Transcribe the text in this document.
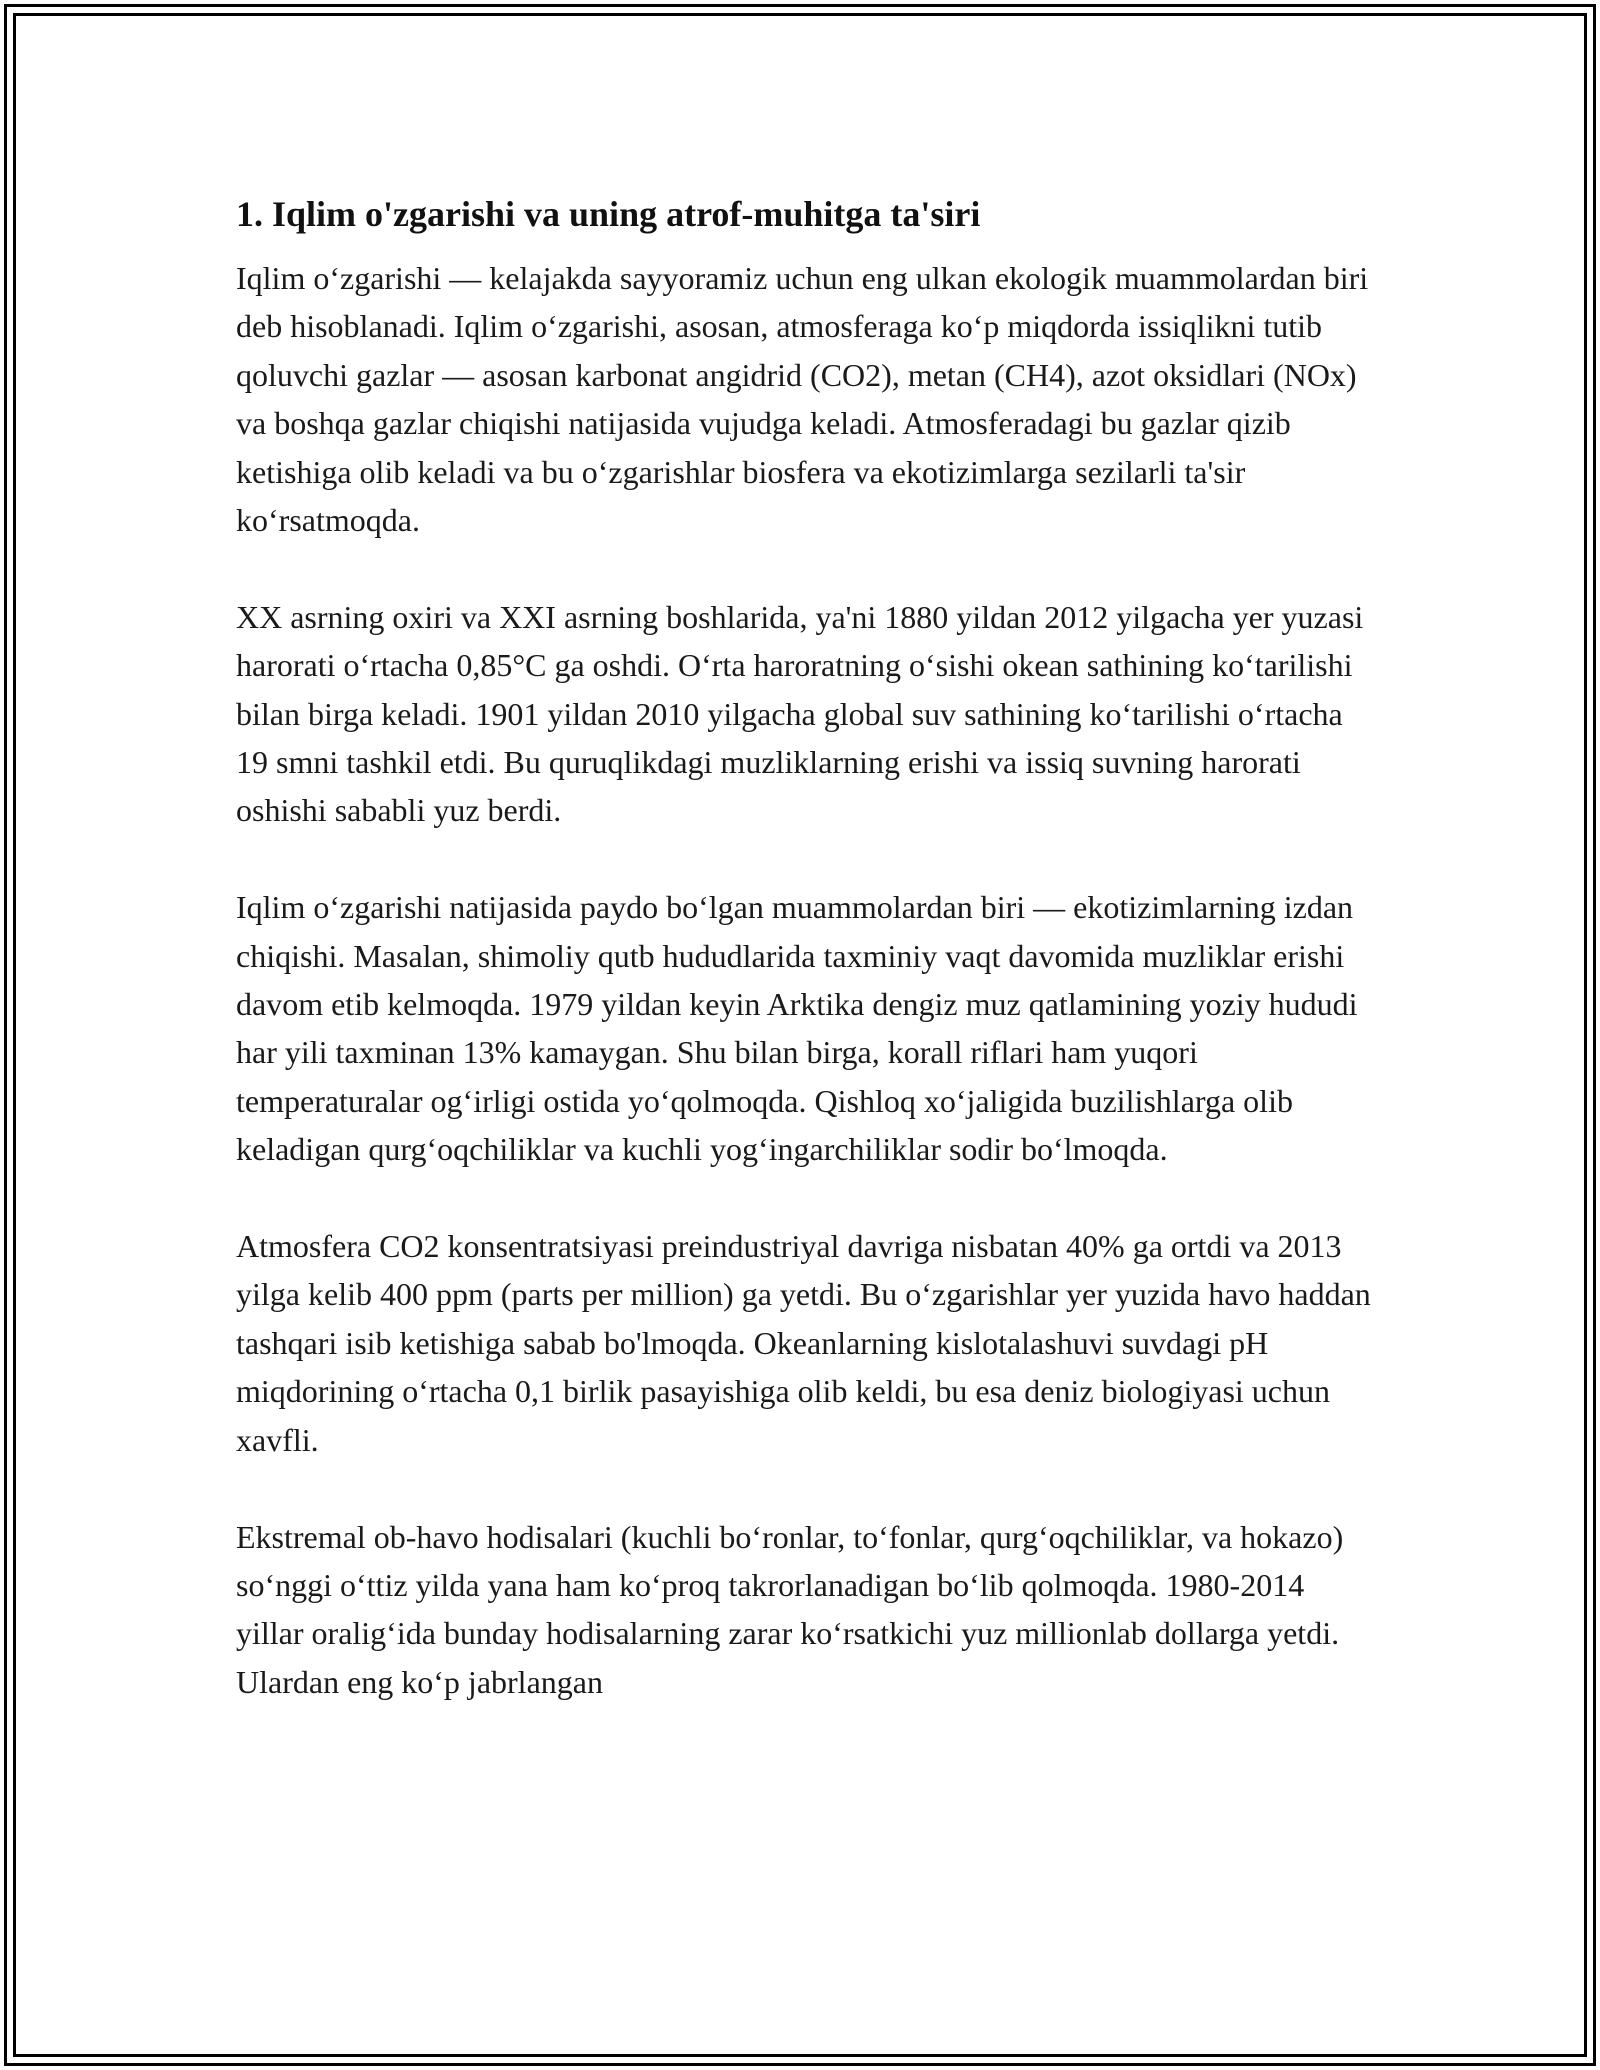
1. Iqlim o'zgarishi va uning atrof-muhitga ta'siri

Iqlim o‘zgarishi — kelajakda sayyoramiz uchun eng ulkan ekologik muammolardan biri deb hisoblanadi. Iqlim o‘zgarishi, asosan, atmosferaga ko‘p miqdorda issiqlikni tutib qoluvchi gazlar — asosan karbonat angidrid (CO2), metan (CH4), azot oksidlari (NOx) va boshqa gazlar chiqishi natijasida vujudga keladi. Atmosferadagi bu gazlar qizib ketishiga olib keladi va bu o‘zgarishlar biosfera va ekotizimlarga sezilarli ta'sir ko‘rsatmoqda.

XX asrning oxiri va XXI asrning boshlarida, ya'ni 1880 yildan 2012 yilgacha yer yuzasi harorati o‘rtacha 0,85°C ga oshdi. O‘rta haroratning o‘sishi okean sathining ko‘tarilishi bilan birga keladi. 1901 yildan 2010 yilgacha global suv sathining ko‘tarilishi o‘rtacha 19 smni tashkil etdi. Bu quruqlikdagi muzliklarning erishi va issiq suvning harorati oshishi sababli yuz berdi.

Iqlim o‘zgarishi natijasida paydo bo‘lgan muammolardan biri — ekotizimlarning izdan chiqishi. Masalan, shimoliy qutb hududlarida taxminiy vaqt davomida muzliklar erishi davom etib kelmoqda. 1979 yildan keyin Arktika dengiz muz qatlamining yoziy hududi har yili taxminan 13% kamaygan. Shu bilan birga, korall riflari ham yuqori temperaturalar og‘irligi ostida yo‘qolmoqda. Qishloq xo‘jaligida buzilishlarga olib keladigan qurg‘oqchiliklar va kuchli yog‘ingarchiliklar sodir bo‘lmoqda.

Atmosfera CO2 konsentratsiyasi preindustriyal davriga nisbatan 40% ga ortdi va 2013 yilga kelib 400 ppm (parts per million) ga yetdi. Bu o‘zgarishlar yer yuzida havo haddan tashqari isib ketishiga sabab bo'lmoqda. Okeanlarning kislotalashuvi suvdagi pH miqdorining o‘rtacha 0,1 birlik pasayishiga olib keldi, bu esa deniz biologiyasi uchun xavfli.

Ekstremal ob-havo hodisalari (kuchli bo‘ronlar, to‘fonlar, qurg‘oqchiliklar, va hokazo) so‘nggi o‘ttiz yilda yana ham ko‘proq takrorlanadigan bo‘lib qolmoqda. 1980-2014 yillar oralig‘ida bunday hodisalarning zarar ko‘rsatkichi yuz millionlab dollarga yetdi. Ulardan eng ko‘p jabrlangan
